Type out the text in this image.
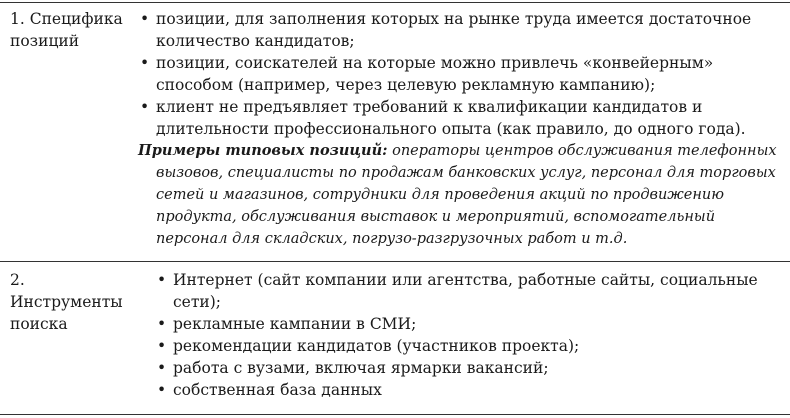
1. Специфика позиций
• позиции, для заполнения которых на рынке труда имеется достаточное количество кандидатов;
• позиции, соискателей на которые можно привлечь «конвейерным» способом (например, через целевую рекламную кампанию);
• клиент не предъявляет требований к квалификации кандидатов и длительности профессионального опыта (как правило, до одного года).
Примеры типовых позиций: операторы центров обслуживания телефонных вызовов, специалисты по продажам банковских услуг, персонал для торговых сетей и магазинов, сотрудники для проведения акций по продвижению продукта, обслуживания выставок и мероприятий, вспомогательный персонал для складских, погрузо-разгрузочных работ и т.д.
2. Инструменты поиска
• Интернет (сайт компании или агентства, работные сайты, социальные сети);
• рекламные кампании в СМИ;
• рекомендации кандидатов (участников проекта);
• работа с вузами, включая ярмарки вакансий;
• собственная база данных
